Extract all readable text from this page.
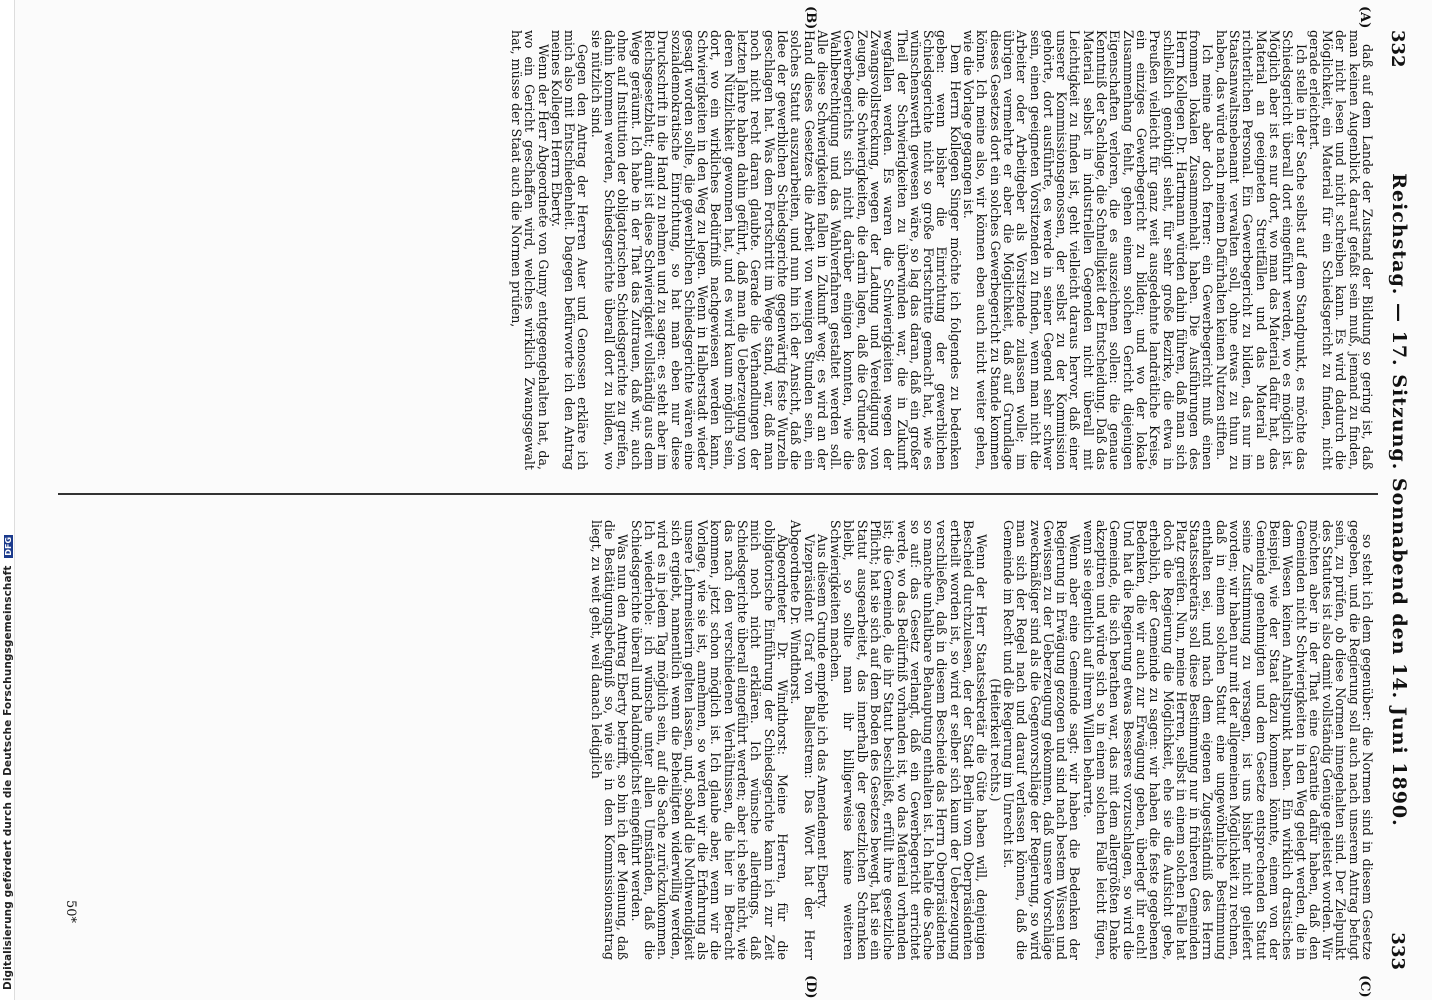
Digitalisierung gefördert durch die Deutsche Forschungsgemeinschaft DFG
332
Reichstag. — 17. Sitzung. Sonnabend den 14. Juni 1890.
333
(A)
(B)
(C)
(D)

daß auf dem Lande der Zustand der Bildung so gering ist, daß man keinen Augenblick darauf gefaßt sein muß, jemand zu finden, der nicht lesen und nicht schreiben kann. Es wird dadurch die Möglichkeit, ein Material für ein Schiedsgericht zu finden, nicht gerade erleichtert.

Ich stelle in der Sache selbst auf dem Standpunkt, es möchte das Schiedsgericht überall dort eingeführt werden, wo es möglich ist. Möglich aber ist es nur dort, wo man das Material dafür hat, das Material an geeigneten Streitfällen und das Material an richterlichen Personal. Ein Gewerbegericht zu bilden, das nur im Staatsanwaltsnebenamt verwalten soll, ohne etwas zu thun zu haben, das würde nach meinem Dafürhalten keinen Nutzen stiften.

Ich meine aber doch ferner: ein Gewerbegericht muß einen frommen lokalen Zusammenhalt haben. Die Ausführungen des Herrn Kollegen Dr. Hartmann würden dahin führen, daß man sich schließlich genöthigt sieht, für sehr große Bezirke, die etwa in Preußen vielleicht für ganz weit ausgedehnte landrätliche Kreise, ein einziges Gewerbegericht zu bilden; und wo der lokale Zusammenhang fehlt, gehen einem solchen Gericht diejenigen Eigenschaften verloren, die es auszeichnen sollen: die genaue Kenntniß der Sachlage, die Schnelligkeit der Entscheidung. Daß das Material selbst in industriellen Gegenden nicht überall mit Leichtigkeit zu finden ist, geht vielleicht daraus hervor, daß einer unserer Kommissionsgenossen, der selbst zu der Kommission gehörte, dort ausführte, es werde in seiner Gegend sehr schwer sein, einen geeigneten Vorsitzenden zu finden, wenn man nicht die Arbeiter oder Arbeitgeber als Vorsitzende zulassen wolle; im übrigen vermehrte er aber die Möglichkeit, daß auf Grundlage dieses Gesetzes dort ein solches Gewerbegericht zu Stande kommen könne. Ich meine also, wir können eben auch nicht weiter gehen, wie die Vorlage gegangen ist.

Dem Herrn Kollegen Singer möchte ich folgendes zu bedenken geben: wenn bisher die Einrichtung der gewerblichen Schiedsgerichte nicht so große Fortschritte gemacht hat, wie es wünschenswerth gewesen wäre, so lag das daran, daß ein großer Theil der Schwierigkeiten zu überwinden war, die in Zukunft wegfallen werden. Es waren die Schwierigkeiten wegen der Zwangsvollstreckung, wegen der Ladung und Vereidigung von Zeugen, die Schwierigkeiten, die darin lagen, daß die Gründer des Gewerbegerichts sich nicht darüber einigen konnten, wie die Wahlberechtigung und das Wahlverfahren gestaltet werden soll. Alle diese Schwierigkeiten fallen in Zukunft weg; es wird an der Hand dieses Gesetzes die Arbeit von wenigen Stunden sein, ein solches Statut auszuarbeiten, und nun hin ich der Ansicht, daß die Idee der gewerblichen Schiedsgerichte gegenwärtig feste Wurzeln geschlagen hat. Was dem Fortschritt im Wege stand, war, daß man noch nicht recht daran glaubte. Gerade die Verhandlungen der letzten Jahre haben dahin geführt, daß man die Ueberzeugung von deren Nützlichkeit gewonnen hat, und es wird kaum möglich sein, dort, wo ein wirkliches Bedürfniß nachgewiesen werden kann, Schwierigkeiten in den Weg zu legen. Wenn in Halberstadt wieder gesagt worden sollte, die gewerblichen Schiedsgerichte wären eine sozialdemokratische Einrichtung, so hat man eben nur diese Druckschrift in die Hand zu nehmen und zu sagen: es steht aber im Reichsgesetzblatt; damit ist diese Schwierigkeit vollständig aus dem Wege geräumt. Ich habe in der That das Zutrauen, daß wir, auch ohne auf Institution der obligatorischen Schiedsgerichte zu greifen, dahin kommen werden, Schiedsgerichte überall dort zu bilden, wo sie nützlich sind.

Gegen den Antrag der Herren Auer und Genossen erkläre ich mich also mit Entschiedenheit. Dagegen befürworte ich den Antrag meines Kollegen Herrn Eberty.

Wenn der Herr Abgeordnete von Gumy entgegengehalten hat, da, wo ein Gericht geschaffen wird, welches wirklich Zwangsgewalt hat, müsse der Staat auch die Normen prüfen,

so steht ich dem gegenüber: die Normen sind in diesem Gesetze gegeben, und die Regierung soll auch nach unserem Antrag befugt sein, zu prüfen, ob diese Normen innegehalten sind. Der Zielpunkt des Statutes ist also damit vollständig Genüge geleistet worden. Wir möchten aber in der That eine Garantie dafür haben, daß den Gemeinden nicht Schwierigkeiten in den Weg gelegt werden, die in dem Wesen keinen Anhaltspunkt haben. Ein wirklich drastisches Beispiel, wie der Staat dazu kommen könnte, einem von der Gemeinde genehmigten und dem Gesetze entsprechenden Statut seine Zustimmung zu versagen, ist uns bisher nicht geliefert worden; wir haben nur mit der allgemeinen Möglichkeit zu rechnen, daß in einem solchen Statut eine ungewöhnliche Bestimmung enthalten sei, und nach dem eigenen Zugeständniß des Herrn Staatssekretärs soll diese Bestimmung nur in früheren Gemeinden Platz greifen. Nun, meine Herren, selbst in einem solchen Falle hat doch die Regierung die Möglichkeit, ehe sie die Aufsicht gebe, erheblich, der Gemeinde zu sagen: wir haben die feste gegebenen Bedenken, die wir auch zur Erwägung geben, überlegt ihr euch! Und hat die Regierung etwas Besseres vorzuschlagen, so wird die Gemeinde, die sich berathen war, das mit dem allergrößten Danke akzeptiren und würde sich so in einem solchen Falle leicht fügen, wenn sie eigentlich auf ihrem Willen beharrte.

Wenn aber eine Gemeinde sagt: wir haben die Bedenken der Regierung in Erwägung gezogen und sind nach bestem Wissen und Gewissen zu der Ueberzeugung gekommen, daß unsere Vorschläge zweckmäßiger sind als die Gegenvorschläge der Regierung, so wird man sich der Regel nach und darauf verlassen können, daß die Gemeinde im Recht und die Regierung im Unrecht ist.

(Heiterkeit rechts.)

Wenn der Herr Staatssekretär die Güte haben will, denjenigen Bescheid durchzulesen, der der Stadt Berlin vom Oberpräsidenten ertheilt worden ist, so wird er selber sich kaum der Ueberzeugung verschließen, daß in diesem Bescheide das Herrn Oberpräsidenten so manche unhaltbare Behauptung enthalten ist. Ich halte die Sache so auf: das Gesetz verlangt, daß ein Gewerbegericht errichtet werde, wo das Bedürfniß vorhanden ist, wo das Material vorhanden ist; die Gemeinde, die ihr Statut beschließt, erfüllt ihre gesetzliche Pflicht; hat sie sich auf dem Boden des Gesetzes bewegt, hat sie ein Statut ausgearbeitet, das innerhalb der gesetzlichen Schranken bleibt, so sollte man ihr billigerweise keine weiteren Schwierigkeiten machen.

Aus diesem Grunde empfehle ich das Amendement Eberty.

Vizepräsident Graf von Ballestrem: Das Wort hat der Herr Abgeordnete Dr. Windthorst.

Abgeordneter Dr. Windthorst: Meine Herren, für die obligatorische Einführung der Schiedsgerichte kann ich zur Zeit mich noch nicht erklären. Ich wünsche allerdings, daß Schiedsgerichte überall eingeführt werden; aber ich sehe nicht, wie das nach den verschiedenen Verhältnissen, die hier in Betracht kommen, jetzt schon möglich ist. Ich glaube aber, wenn wir die Vorlage, wie sie ist, annehmen, so werden wir die Erfahrung als unsere Lehrmeisterin gelten lassen, und, sobald die Nothwendigkeit sich ergiebt, namentlich wenn die Beheiligten widerwillig werden, wird es in jedem Tag möglich sein, auf die Sache zurückzukommen. Ich wiederhole: ich wünsche unter allen Umständen, daß die Schiedsgerichte überall und baldmöglichst eingeführt werden.

Was nun den Antrag Eberty betrifft, so bin ich der Meinung, daß die Bestätigungsbefugniß so, wie sie in dem Kommissionsantrag liegt, zu weit geht, weil danach lediglich

50*
